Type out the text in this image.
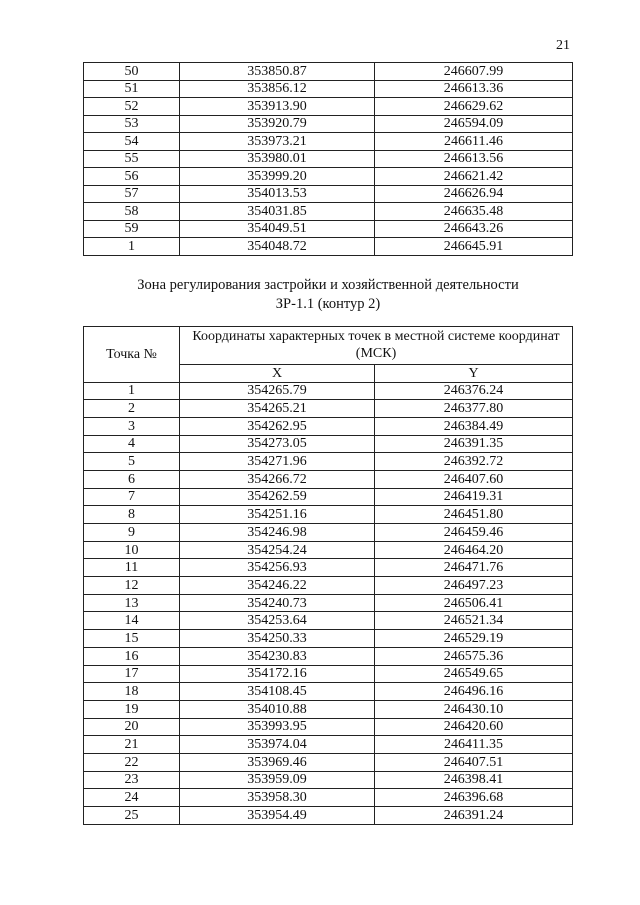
21
50	353850.87	246607.99
51	353856.12	246613.36
52	353913.90	246629.62
53	353920.79	246594.09
54	353973.21	246611.46
55	353980.01	246613.56
56	353999.20	246621.42
57	354013.53	246626.94
58	354031.85	246635.48
59	354049.51	246643.26
1	354048.72	246645.91
Зона регулирования застройки и хозяйственной деятельности
ЗР-1.1 (контур 2)
Точка №	Координаты характерных точек в местной системе координат (МСК)	
	X	Y
1	354265.79	246376.24
2	354265.21	246377.80
3	354262.95	246384.49
4	354273.05	246391.35
5	354271.96	246392.72
6	354266.72	246407.60
7	354262.59	246419.31
8	354251.16	246451.80
9	354246.98	246459.46
10	354254.24	246464.20
11	354256.93	246471.76
12	354246.22	246497.23
13	354240.73	246506.41
14	354253.64	246521.34
15	354250.33	246529.19
16	354230.83	246575.36
17	354172.16	246549.65
18	354108.45	246496.16
19	354010.88	246430.10
20	353993.95	246420.60
21	353974.04	246411.35
22	353969.46	246407.51
23	353959.09	246398.41
24	353958.30	246396.68
25	353954.49	246391.24
